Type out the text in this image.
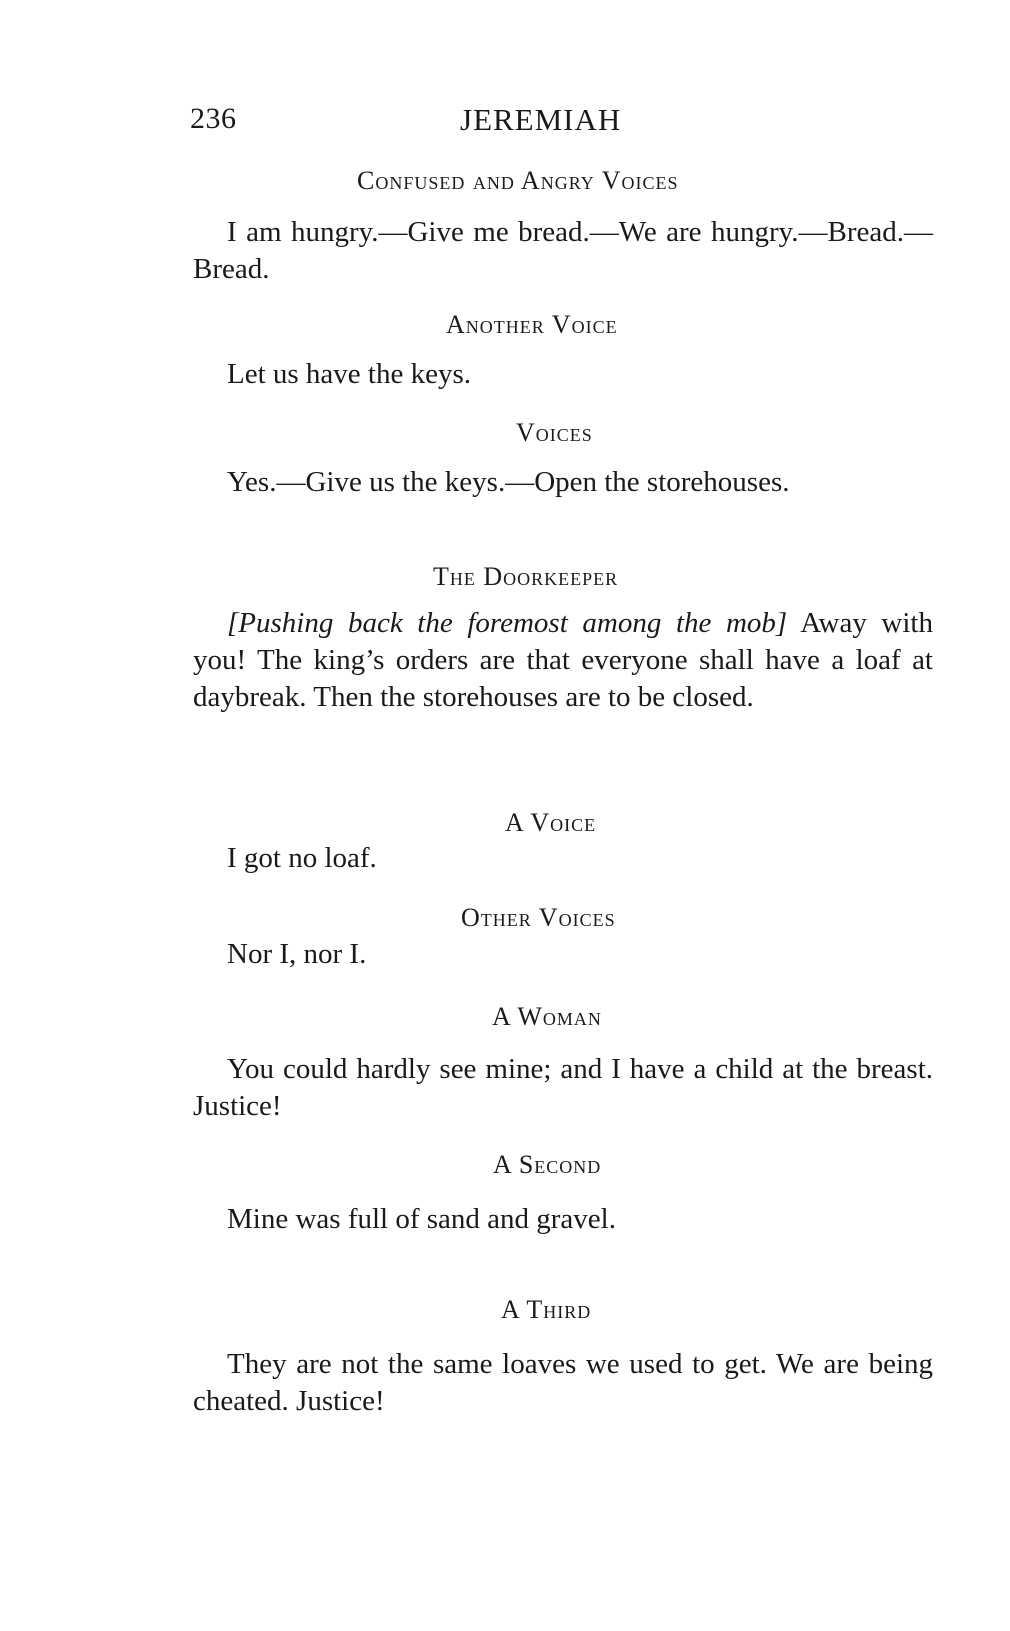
236	JEREMIAH
Confused and Angry Voices
I am hungry.—Give me bread.—We are hungry.—Bread.—Bread.
Another Voice
Let us have the keys.
Voices
Yes.—Give us the keys.—Open the storehouses.
The Doorkeeper
[Pushing back the foremost among the mob] Away with you! The king’s orders are that everyone shall have a loaf at daybreak. Then the storehouses are to be closed.
A Voice
I got no loaf.
Other Voices
Nor I, nor I.
A Woman
You could hardly see mine; and I have a child at the breast. Justice!
A Second
Mine was full of sand and gravel.
A Third
They are not the same loaves we used to get. We are being cheated. Justice!
